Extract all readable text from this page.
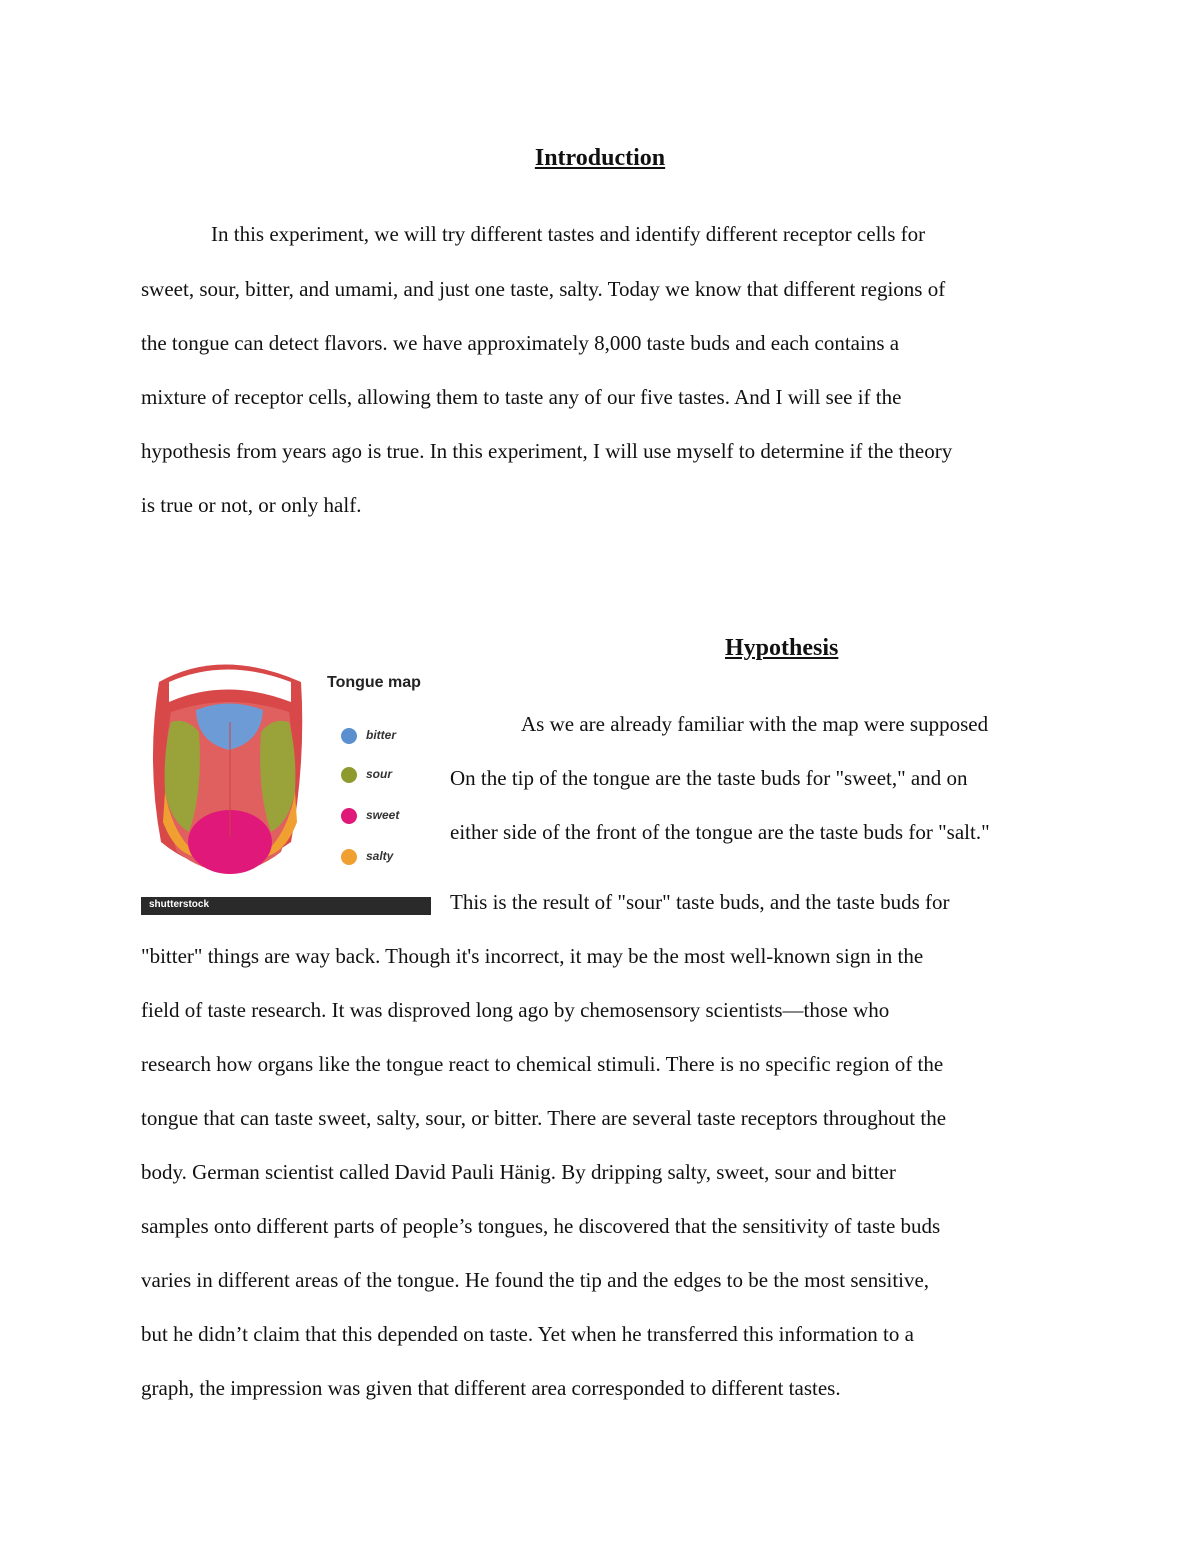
Introduction

In this experiment, we will try different tastes and identify different receptor cells for

sweet, sour, bitter, and umami, and just one taste, salty. Today we know that different regions of

the tongue can detect flavors. we have approximately 8,000 taste buds and each contains a

mixture of receptor cells, allowing them to taste any of our five tastes. And I will see if the

hypothesis from years ago is true. In this experiment, I will use myself to determine if the theory

is true or not, or only half.

Tongue map
bitter
sour
sweet
salty
shutterstock
Hypothesis

As we are already familiar with the map were supposed

On the tip of the tongue are the taste buds for "sweet," and on

either side of the front of the tongue are the taste buds for "salt."

This is the result of "sour" taste buds, and the taste buds for

"bitter" things are way back. Though it's incorrect, it may be the most well-known sign in the

field of taste research. It was disproved long ago by chemosensory scientists—those who

research how organs like the tongue react to chemical stimuli. There is no specific region of the

tongue that can taste sweet, salty, sour, or bitter. There are several taste receptors throughout the

body. German scientist called David Pauli Hänig. By dripping salty, sweet, sour and bitter

samples onto different parts of people’s tongues, he discovered that the sensitivity of taste buds

varies in different areas of the tongue. He found the tip and the edges to be the most sensitive,

but he didn’t claim that this depended on taste. Yet when he transferred this information to a

graph, the impression was given that different area corresponded to different tastes.
